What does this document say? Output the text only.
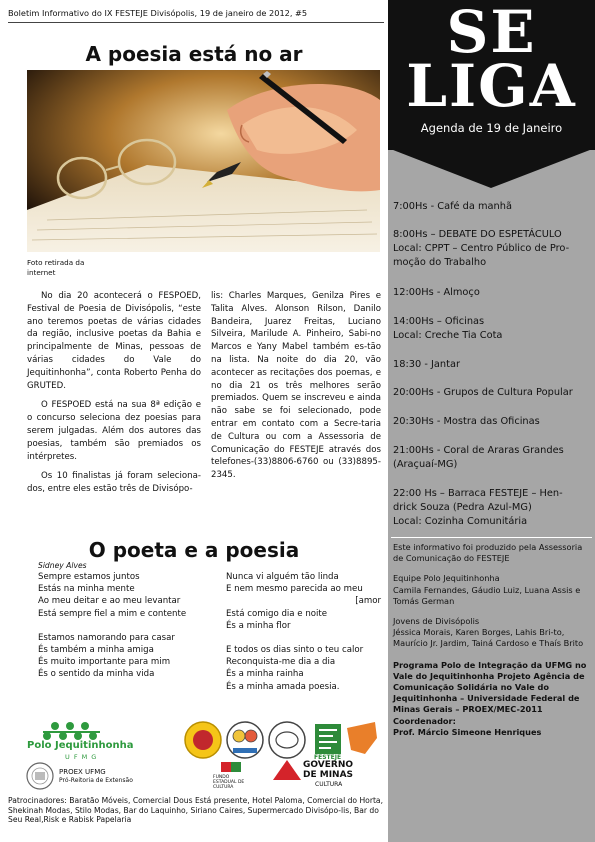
Boletim Informativo do IX FESTEJE Divisópolis, 19 de janeiro de 2012, #5
A poesia está no ar
Foto retirada da
internet

No dia 20 acontecerá o FESPOED, Festival de Poesia de Divisópolis, “este ano teremos poetas de várias cidades da região, inclusive poetas da Bahia e principalmente de Minas, pessoas de várias cidades do Vale do Jequitinhonha”, conta Roberto Penha do GRUTED.

O FESPOED está na sua 8ª edição e o concurso seleciona dez poesias para serem julgadas. Além dos autores das poesias, também são premiados os intérpretes.

Os 10 finalistas já foram seleciona-dos, entre eles estão três de Divisópo-

lis: Charles Marques, Genilza Pires e Talita Alves. Alonson Rilson, Danilo Bandeira, Juarez Freitas, Luciano Silveira, Marilude A. Pinheiro, Sabi-no Marcos e Yany Mabel também es-tão na lista. Na noite do dia 20, vão acontecer as recitações dos poemas, e no dia 21 os três melhores serão premiados. Quem se inscreveu e ainda não sabe se foi selecionado, pode entrar em contato com a Secre-taria de Cultura ou com a Assessoria de Comunicação do FESTEJE através dos telefones-(33)8806-6760 ou (33)8895-2345.
O poeta e a poesia
Sidney Alves
Sempre estamos juntos
Estás na minha mente
Ao meu deitar e ao meu levantar
Está sempre fiel a mim e contente
Estamos namorando para casar
És também a minha amiga
És muito importante para mim
És o sentido da minha vida
Nunca vi alguém tão linda
E nem mesmo parecida ao meu
[amor
Está comigo dia e noite
És a minha flor
E todos os dias sinto o teu calor
Reconquista-me dia a dia
És a minha rainha
És a minha amada poesia.
Polo Jequitinhonha
U F M G
PROEX UFMG
Pró-Reitoria de Extensão
FESTEJE
FUNDO ESTADUAL DE CULTURA
GOVERNO
DE MINAS
CULTURA
Patrocinadores: Baratão Móveis, Comercial Dous Está presente, Hotel Paloma, Comercial do Horta, Shekinah Modas, Stilo Modas, Bar do Laquinho, Siriano Caires, Supermercado Divisópo-lis, Bar do Seu Real,Risk e Rabisk Papelaria
SE
LIGA
Agenda de 19 de Janeiro
7:00Hs - Café da manhã
8:00Hs – DEBATE DO ESPETÁCULO
Local: CPPT – Centro Público de Pro-
moção do Trabalho
12:00Hs - Almoço
14:00Hs – Oficinas
Local: Creche Tia Cota
18:30 - Jantar
20:00Hs - Grupos de Cultura Popular
20:30Hs - Mostra das Oficinas
21:00Hs - Coral de Araras Grandes
(Araçuaí-MG)
22:00 Hs – Barraca FESTEJE – Hen-
drick Souza (Pedra Azul-MG)
Local: Cozinha Comunitária

Este informativo foi produzido pela Assessoria de Comunicação do FESTEJE

Equipe Polo Jequitinhonha

Camila Fernandes, Gáudio Luiz, Luana Assis e Tomás German

Jovens de Divisópolis

Jéssica Morais, Karen Borges, Lahis Bri-to, Maurício Jr. Jardim, Tainá Cardoso e Thaís Brito

Programa Polo de Integração da UFMG no Vale do Jequitinhonha Projeto Agência de Comunicação Solidária no Vale do Jequitinhonha – Universidade Federal de Minas Gerais – PROEX/MEC-2011

Coordenador:

Prof. Márcio Simeone Henriques
